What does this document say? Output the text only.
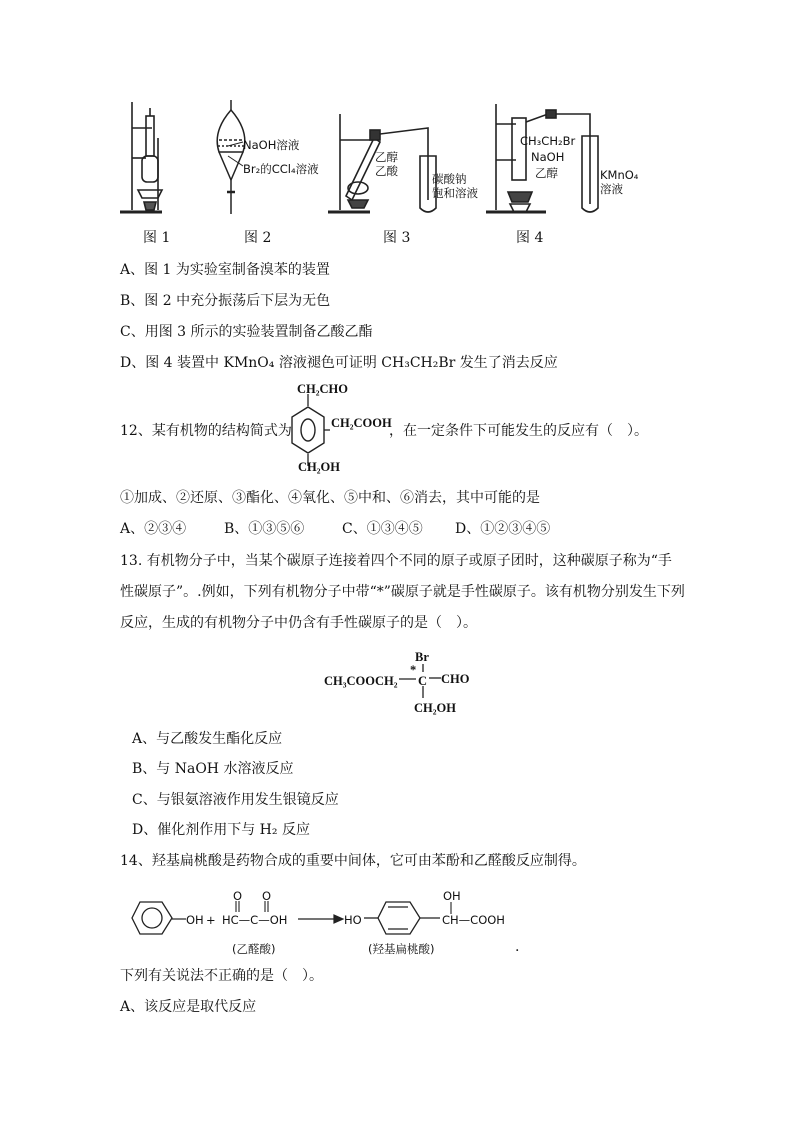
NaOH溶液
Br₂的CCl₄溶液
乙醇
乙酸
碳酸钠
饱和溶液
CH₃CH₂Br
NaOH
乙醇	KMnO₄
溶液
图 1	图 2	图 3	图 4
A、图 1 为实验室制备溴苯的装置
B、图 2 中充分振荡后下层为无色
C、用图 3 所示的实验装置制备乙酸乙酯
D、图 4 装置中 KMnO₄ 溶液褪色可证明 CH₃CH₂Br 发生了消去反应
12、某有机物的结构简式为
CH₂CHO
CH₂COOH
CH₂OH
，在一定条件下可能发生的反应有（　）。
①加成、②还原、③酯化、④氧化、⑤中和、⑥消去，其中可能的是
A、②③④	B、①③⑤⑥	C、①③④⑤ D、①②③④⑤
13. 有机物分子中，当某个碳原子连接着四个不同的原子或原子团时，这种碳原子称为“手
性碳原子”。.例如，下列有机物分子中带“*”碳原子就是手性碳原子。该有机物分别发生下列
反应，生成的有机物分子中仍含有手性碳原子的是（　）。
Br
CH₃COOCH₂
*
C CHO
CH₂OH
A、与乙酸发生酯化反应
B、与 NaOH 水溶液反应
C、与银氨溶液作用发生银镜反应
D、催化剂作用下与 H₂ 反应
14、羟基扁桃酸是药物合成的重要中间体，它可由苯酚和乙醛酸反应制得。
OH +
O O
HC—C—OH	HO
OH
CH—COOH
(乙醛酸)	(羟基扁桃酸)	.
下列有关说法不正确的是（　）。
A、该反应是取代反应
